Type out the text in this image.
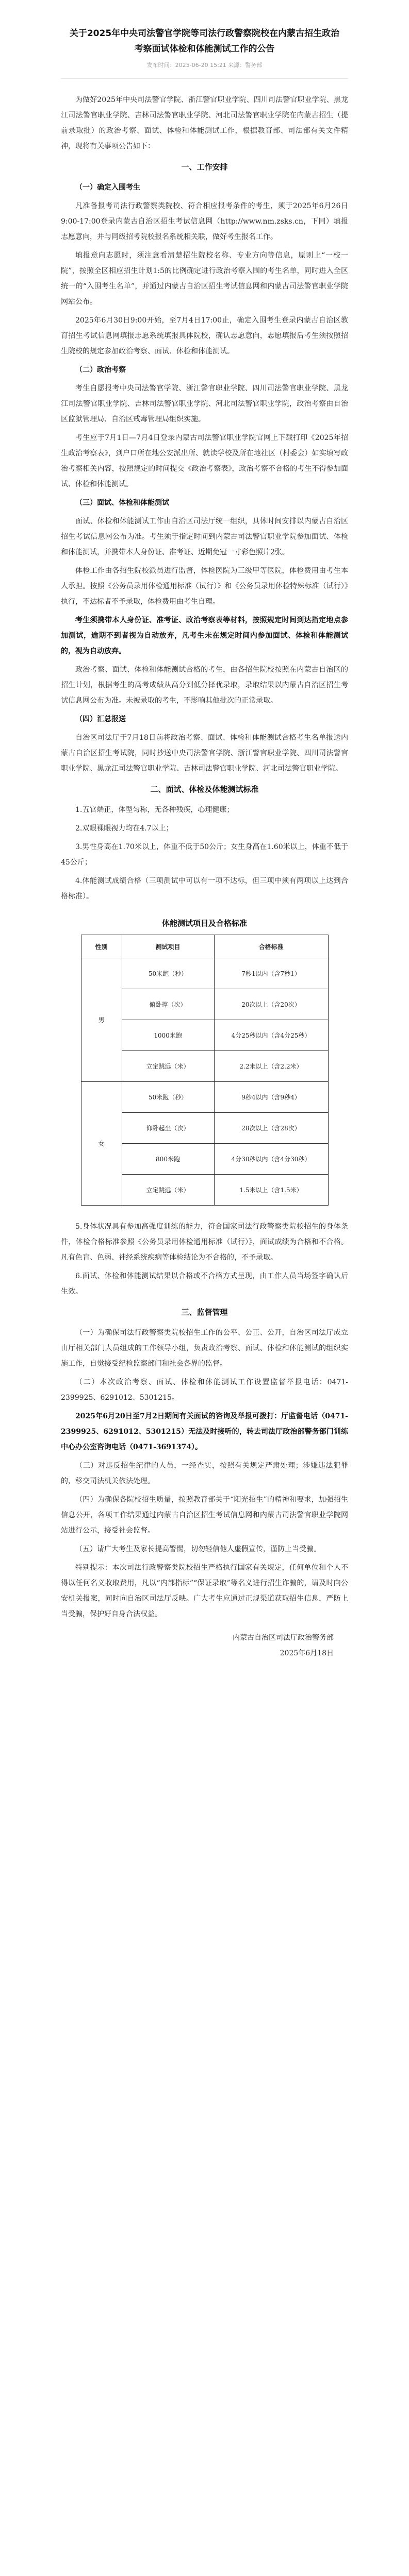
关于2025年中央司法警官学院等司法行政警察院校在内蒙古招生政治考察面试体检和体能测试工作的公告
发布时间：2025-06-20 15:21 来源：警务部

为做好2025年中央司法警官学院、浙江警官职业学院、四川司法警官职业学院、黑龙江司法警官职业学院、吉林司法警官职业学院、河北司法警官职业学院在内蒙古招生（提前录取批）的政治考察、面试、体检和体能测试工作，根据教育部、司法部有关文件精神，现将有关事项公告如下：

一、工作安排

（一）确定入围考生

凡准备报考司法行政警察类院校、符合相应报考条件的考生，须于2025年6月26日9:00-17:00登录内蒙古自治区招生考试信息网（http://www.nm.zsks.cn，下同）填报志愿意向，并与同级招考院校报名系统相关联，做好考生报名工作。

填报意向志愿时，须注意看清楚招生院校名称、专业方向等信息，原则上“一校一院”，按照全区相应招生计划1:5的比例确定进行政治考察入围的考生名单，同时进入全区统一的“入围考生名单”，并通过内蒙古自治区招生考试信息网和内蒙古司法警官职业学院网站公布。

2025年6月30日9:00开始，至7月4日17:00止，确定入围考生登录内蒙古自治区教育招生考试信息网填报志愿系统填报具体院校，确认志愿意向，志愿填报后考生须按照招生院校的规定参加政治考察、面试、体检和体能测试。

（二）政治考察

考生自愿报考中央司法警官学院、浙江警官职业学院、四川司法警官职业学院、黑龙江司法警官职业学院、吉林司法警官职业学院、河北司法警官职业学院，政治考察由自治区监狱管理局、自治区戒毒管理局组织实施。

考生应于7月1日—7月4日登录内蒙古司法警官职业学院官网上下载打印《2025年招生政治考察表》，到户口所在地公安派出所、就读学校及所在地社区（村委会）如实填写政治考察相关内容，按照规定的时间提交《政治考察表》，政治考察不合格的考生不得参加面试、体检和体能测试。

（三）面试、体检和体能测试

面试、体检和体能测试工作由自治区司法厅统一组织，具体时间安排以内蒙古自治区招生考试信息网公布为准。考生须于指定时间到内蒙古司法警官职业学院参加面试、体检和体能测试，并携带本人身份证、准考证、近期免冠一寸彩色照片2张。

体检工作由各招生院校派员进行监督，体检医院为三级甲等医院，体检费用由考生本人承担。按照《公务员录用体检通用标准（试行）》和《公务员录用体检特殊标准（试行）》执行，不达标者不予录取，体检费用由考生自理。

考生须携带本人身份证、准考证、政治考察表等材料，按照规定时间到达指定地点参加测试，逾期不到者视为自动放弃，凡考生未在规定时间内参加面试、体检和体能测试的，视为自动放弃。

政治考察、面试、体检和体能测试合格的考生，由各招生院校按照在内蒙古自治区的招生计划，根据考生的高考成绩从高分到低分择优录取，录取结果以内蒙古自治区招生考试信息网公布为准。未被录取的考生，不影响其他批次的正常录取。

（四）汇总报送

自治区司法厅于7月18日前将政治考察、面试、体检和体能测试合格考生名单报送内蒙古自治区招生考试院，同时抄送中央司法警官学院、浙江警官职业学院、四川司法警官职业学院、黑龙江司法警官职业学院、吉林司法警官职业学院、河北司法警官职业学院。

二、面试、体检及体能测试标准

1.五官端正，体型匀称，无各种残疾，心理健康；

2.双眼裸眼视力均在4.7以上；

3.男性身高在1.70米以上，体重不低于50公斤；女生身高在1.60米以上，体重不低于45公斤；

4.体能测试成绩合格（三项测试中可以有一项不达标，但三项中须有两项以上达到合格标准）。

体能测试项目及合格标准
性别	测试项目	合格标准
男	50米跑（秒）	7秒1以内（含7秒1）
	俯卧撑（次）	20次以上（含20次）
	1000米跑	4分25秒以内（含4分25秒）
	立定跳远（米）	2.2米以上（含2.2米）
女	50米跑（秒）	9秒4以内（含9秒4）
	仰卧起坐（次）	28次以上（含28次）
	800米跑	4分30秒以内（含4分30秒）
	立定跳远（米）	1.5米以上（含1.5米）

5.身体状况具有参加高强度训练的能力，符合国家司法行政警察类院校招生的身体条件，体检合格标准参照《公务员录用体检通用标准（试行）》，面试成绩为合格和不合格。凡有色盲、色弱、神经系统疾病等体检结论为不合格的，不予录取。

6.面试、体检和体能测试结果以合格或不合格方式呈现，由工作人员当场签字确认后生效。

三、监督管理

（一）为确保司法行政警察类院校招生工作的公平、公正、公开，自治区司法厅成立由厅相关部门人员组成的工作领导小组，负责政治考察、面试、体检和体能测试的组织实施工作，自觉接受纪检监察部门和社会各界的监督。

（二）本次政治考察、面试、体检和体能测试工作设置监督举报电话：0471-2399925、6291012、5301215。

2025年6月20日至7月2日期间有关面试的咨询及举报可拨打：厅监督电话（0471-2399925、6291012、5301215）无法及时接听的，转去司法厅政治部警务部门训练中心办公室咨询电话（0471-3691374）。

（三）对违反招生纪律的人员，一经查实，按照有关规定严肃处理；涉嫌违法犯罪的，移交司法机关依法处理。

（四）为确保各院校招生质量，按照教育部关于“阳光招生”的精神和要求，加强招生信息公开，各项工作结果通过内蒙古自治区招生考试信息网和内蒙古司法警官职业学院网站进行公示，接受社会监督。

（五）请广大考生及家长提高警惕，切勿轻信他人虚假宣传，谨防上当受骗。

特别提示：本次司法行政警察类院校招生严格执行国家有关规定，任何单位和个人不得以任何名义收取费用，凡以“内部指标”“保证录取”等名义进行招生诈骗的，请及时向公安机关报案，同时向自治区司法厅反映。广大考生应通过正规渠道获取招生信息，严防上当受骗，保护好自身合法权益。

内蒙古自治区司法厅政治警务部

2025年6月18日
